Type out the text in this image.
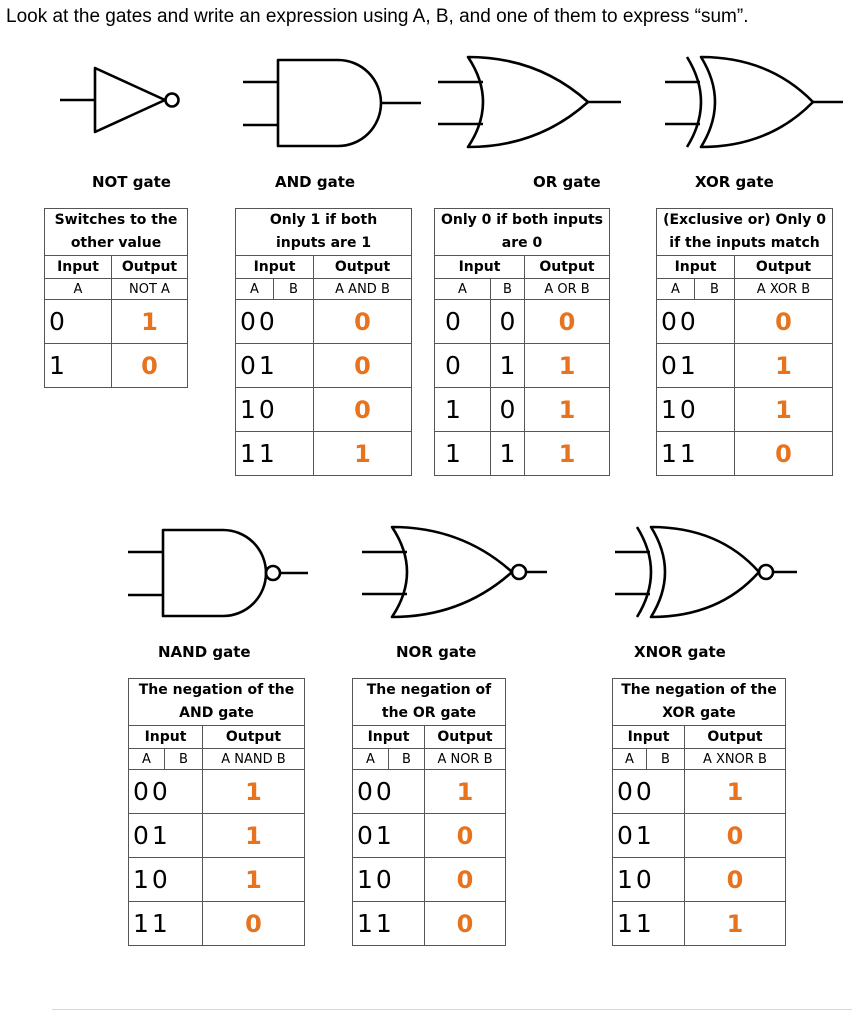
Look at the gates and write an expression using A, B, and one of them to express “sum”.
NOT gate	AND gate	OR gate	XOR gate
NAND gate	NOR gate	XNOR gate
Switches to the
other value	
Input	Output
A	NOT A
0	1
1	0
Only 1 if both
inputs are 1		
Input		Output
A	B	A AND B
00		0
01		0
10		0
11		1
Only 0 if both inputs
are 0		
Input		Output
A	B	A OR B
0	0	0
0	1	1
1	0	1
1	1	1
(Exclusive or) Only 0
if the inputs match		
Input		Output
A	B	A XOR B
00		0
01		1
10		1
11		0
The negation of the
AND gate		
Input		Output
A	B	A NAND B
00		1
01		1
10		1
11		0
The negation of
the OR gate		
Input		Output
A	B	A NOR B
00		1
01		0
10		0
11		0
The negation of the
XOR gate		
Input		Output
A	B	A XNOR B
00		1
01		0
10		0
11		1
